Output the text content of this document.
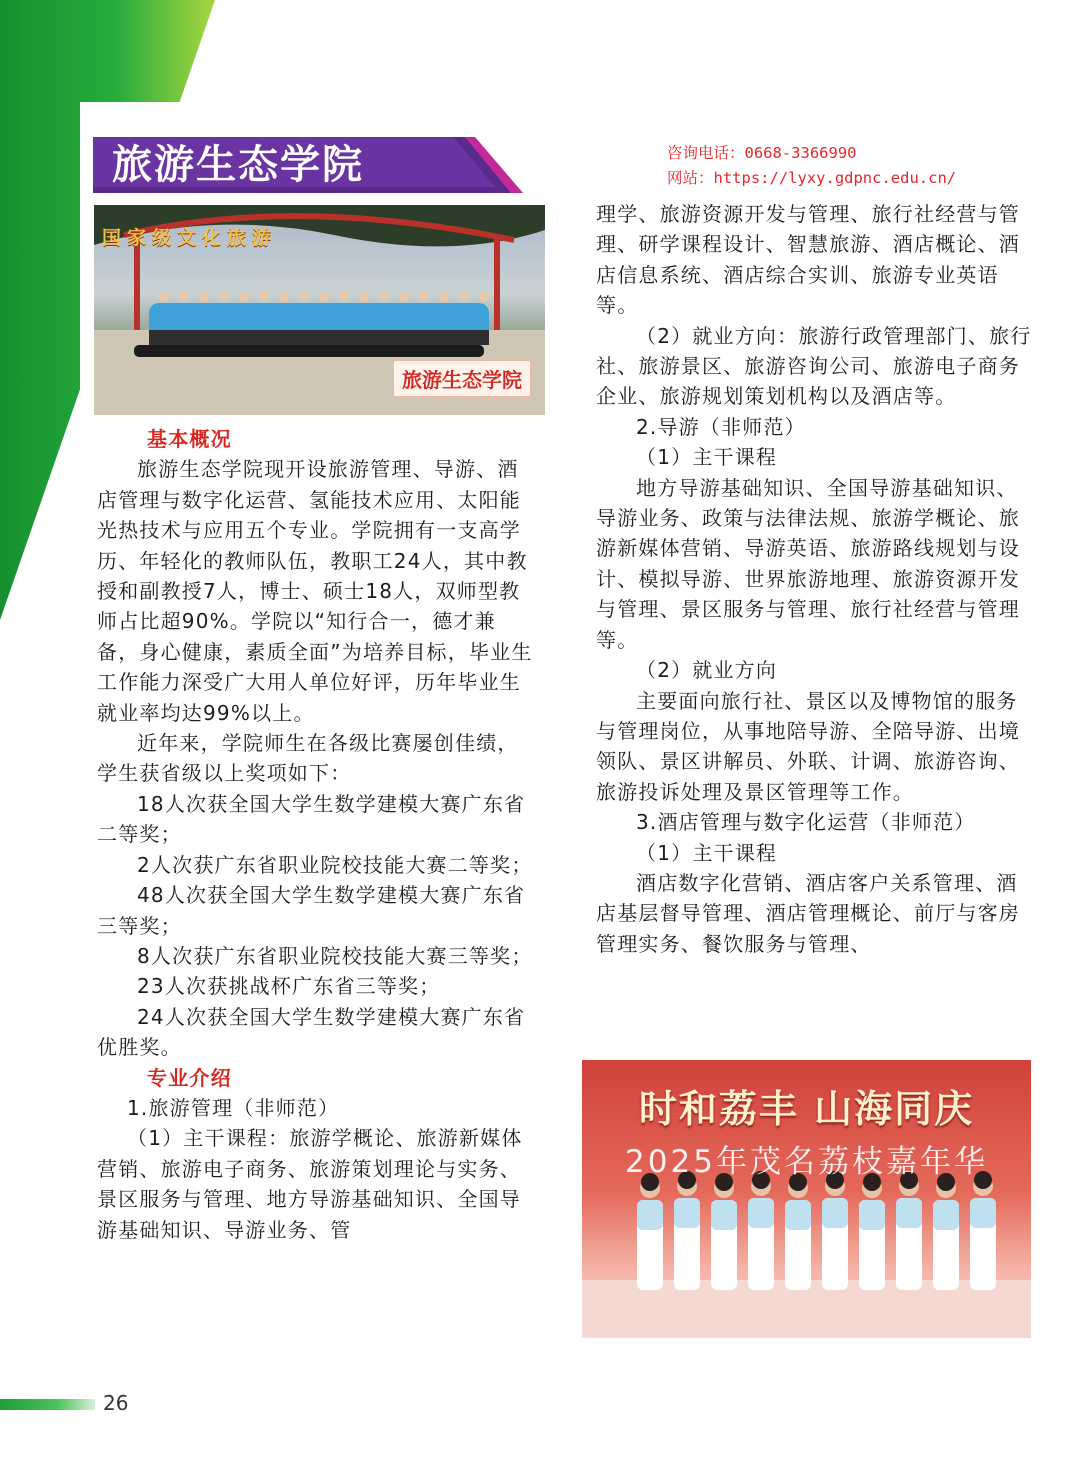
旅游生态学院	咨询电话：0668-3366990
网站：https://lyxy.gdpnc.edu.cn/
国家级文化旅游
旅游生态学院

基本概况

旅游生态学院现开设旅游管理、导游、酒店管理与数字化运营、氢能技术应用、太阳能光热技术与应用五个专业。学院拥有一支高学历、年轻化的教师队伍，教职工24人，其中教授和副教授7人，博士、硕士18人，双师型教师占比超90%。学院以“知行合一，德才兼备，身心健康，素质全面”为培养目标，毕业生工作能力深受广大用人单位好评，历年毕业生就业率均达99%以上。

近年来，学院师生在各级比赛屡创佳绩，学生获省级以上奖项如下：

18人次获全国大学生数学建模大赛广东省二等奖；

2人次获广东省职业院校技能大赛二等奖；

48人次获全国大学生数学建模大赛广东省三等奖；

8人次获广东省职业院校技能大赛三等奖；

23人次获挑战杯广东省三等奖；

24人次获全国大学生数学建模大赛广东省优胜奖。

专业介绍

1.旅游管理（非师范）

（1）主干课程：旅游学概论、旅游新媒体营销、旅游电子商务、旅游策划理论与实务、景区服务与管理、地方导游基础知识、全国导游基础知识、导游业务、管

理学、旅游资源开发与管理、旅行社经营与管理、研学课程设计、智慧旅游、酒店概论、酒店信息系统、酒店综合实训、旅游专业英语等。

（2）就业方向：旅游行政管理部门、旅行社、旅游景区、旅游咨询公司、旅游电子商务企业、旅游规划策划机构以及酒店等。

2.导游（非师范）

（1）主干课程

地方导游基础知识、全国导游基础知识、导游业务、政策与法律法规、旅游学概论、旅游新媒体营销、导游英语、旅游路线规划与设计、模拟导游、世界旅游地理、旅游资源开发与管理、景区服务与管理、旅行社经营与管理等。

（2）就业方向

主要面向旅行社、景区以及博物馆的服务与管理岗位，从事地陪导游、全陪导游、出境领队、景区讲解员、外联、计调、旅游咨询、旅游投诉处理及景区管理等工作。

3.酒店管理与数字化运营（非师范）

（1）主干课程

酒店数字化营销、酒店客户关系管理、酒店基层督导管理、酒店管理概论、前厅与客房管理实务、餐饮服务与管理、

时和荔丰 山海同庆
2025年茂名荔枝嘉年华
26
